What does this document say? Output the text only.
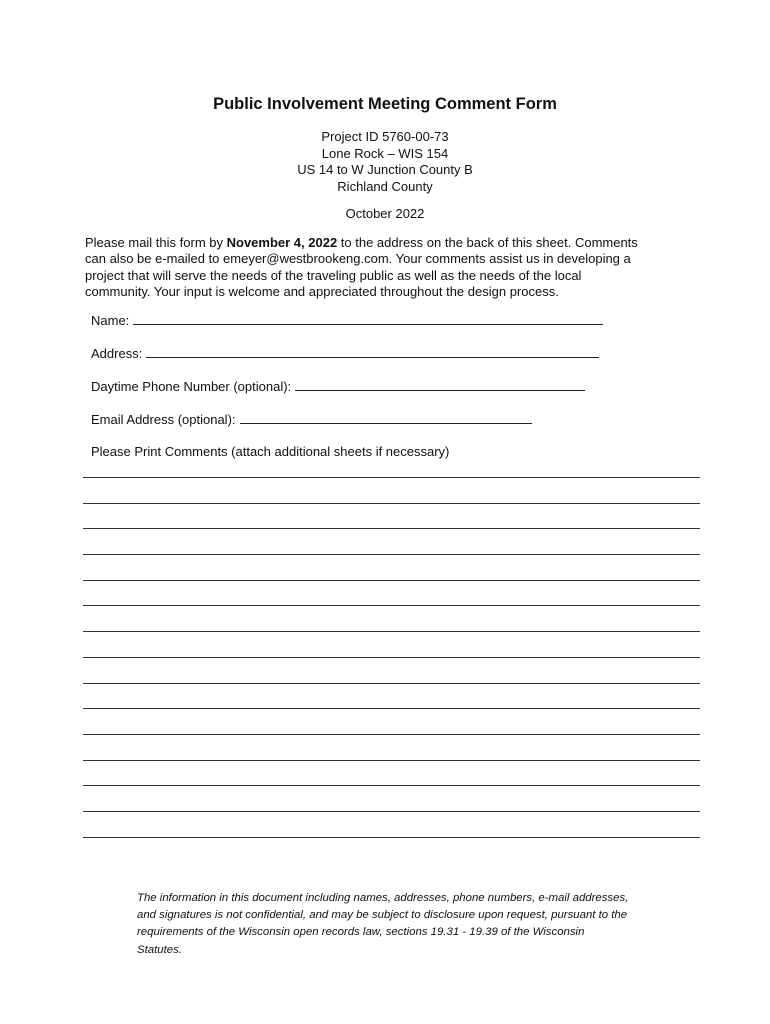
Public Involvement Meeting Comment Form
Project ID 5760-00-73
Lone Rock – WIS 154
US 14 to W Junction County B
Richland County
October 2022
Please mail this form by November 4, 2022 to the address on the back of this sheet. Comments
can also be e-mailed to emeyer@westbrookeng.com. Your comments assist us in developing a
project that will serve the needs of the traveling public as well as the needs of the local
community. Your input is welcome and appreciated throughout the design process.
Name:
Address:
Daytime Phone Number (optional):
Email Address (optional):
Please Print Comments (attach additional sheets if necessary)
The information in this document including names, addresses, phone numbers, e-mail addresses,
and signatures is not confidential, and may be subject to disclosure upon request, pursuant to the
requirements of the Wisconsin open records law, sections 19.31 - 19.39 of the Wisconsin
Statutes.
